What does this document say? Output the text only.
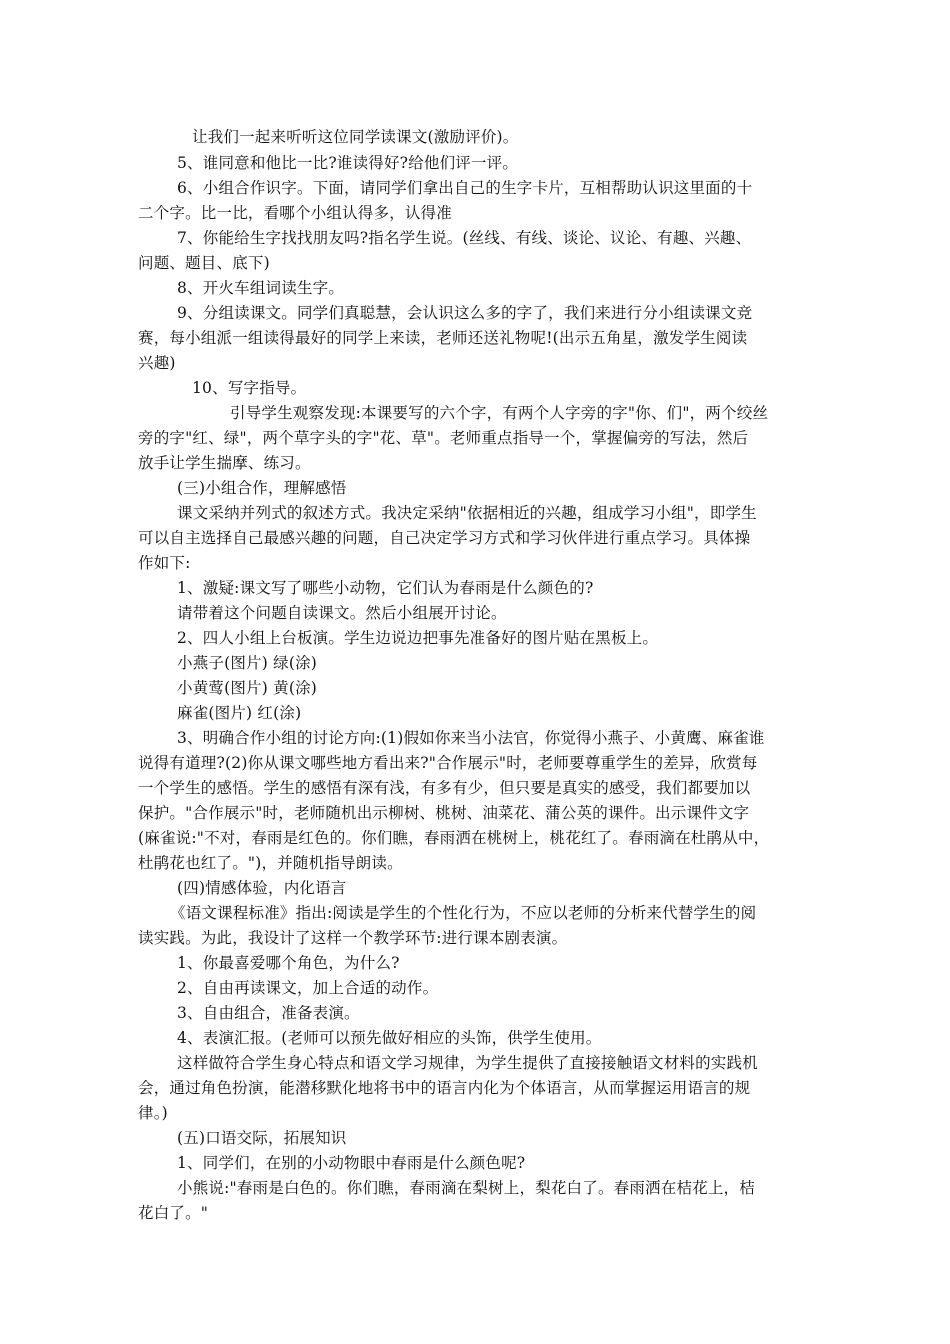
让我们一起来听听这位同学读课文(激励评价)。
5、谁同意和他比一比?谁读得好?给他们评一评。
6、小组合作识字。下面，请同学们拿出自己的生字卡片，互相帮助认识这里面的十
二个字。比一比，看哪个小组认得多，认得准
7、你能给生字找找朋友吗?指名学生说。(丝线、有线、谈论、议论、有趣、兴趣、
问题、题目、底下)
8、开火车组词读生字。
9、分组读课文。同学们真聪慧，会认识这么多的字了，我们来进行分小组读课文竞
赛，每小组派一组读得最好的同学上来读，老师还送礼物呢!(出示五角星，激发学生阅读
兴趣)
10、写字指导。
引导学生观察发现:本课要写的六个字，有两个人字旁的字"你、们"，两个绞丝
旁的字"红、绿"，两个草字头的字"花、草"。老师重点指导一个，掌握偏旁的写法，然后
放手让学生揣摩、练习。
(三)小组合作，理解感悟
课文采纳并列式的叙述方式。我决定采纳"依据相近的兴趣，组成学习小组"，即学生
可以自主选择自己最感兴趣的问题，自己决定学习方式和学习伙伴进行重点学习。具体操
作如下:
1、激疑:课文写了哪些小动物，它们认为春雨是什么颜色的?
请带着这个问题自读课文。然后小组展开讨论。
2、四人小组上台板演。学生边说边把事先准备好的图片贴在黑板上。
小燕子(图片) 绿(涂)
小黄莺(图片) 黄(涂)
麻雀(图片) 红(涂)
3、明确合作小组的讨论方向:(1)假如你来当小法官，你觉得小燕子、小黄鹰、麻雀谁
说得有道理?(2)你从课文哪些地方看出来?"合作展示"时，老师要尊重学生的差异，欣赏每
一个学生的感悟。学生的感悟有深有浅，有多有少，但只要是真实的感受，我们都要加以
保护。"合作展示"时，老师随机出示柳树、桃树、油菜花、蒲公英的课件。出示课件文字
(麻雀说:"不对，春雨是红色的。你们瞧，春雨洒在桃树上，桃花红了。春雨滴在杜鹃从中，
杜鹃花也红了。")，并随机指导朗读。
(四)情感体验，内化语言
《语文课程标准》指出:阅读是学生的个性化行为，不应以老师的分析来代替学生的阅
读实践。为此，我设计了这样一个教学环节:进行课本剧表演。
1、你最喜爱哪个角色，为什么?
2、自由再读课文，加上合适的动作。
3、自由组合，准备表演。
4、表演汇报。(老师可以预先做好相应的头饰，供学生使用。
这样做符合学生身心特点和语文学习规律，为学生提供了直接接触语文材料的实践机
会，通过角色扮演，能潜移默化地将书中的语言内化为个体语言，从而掌握运用语言的规
律。)
(五)口语交际，拓展知识
1、同学们，在别的小动物眼中春雨是什么颜色呢?
小熊说:"春雨是白色的。你们瞧，春雨滴在梨树上，梨花白了。春雨洒在桔花上，桔
花白了。"
